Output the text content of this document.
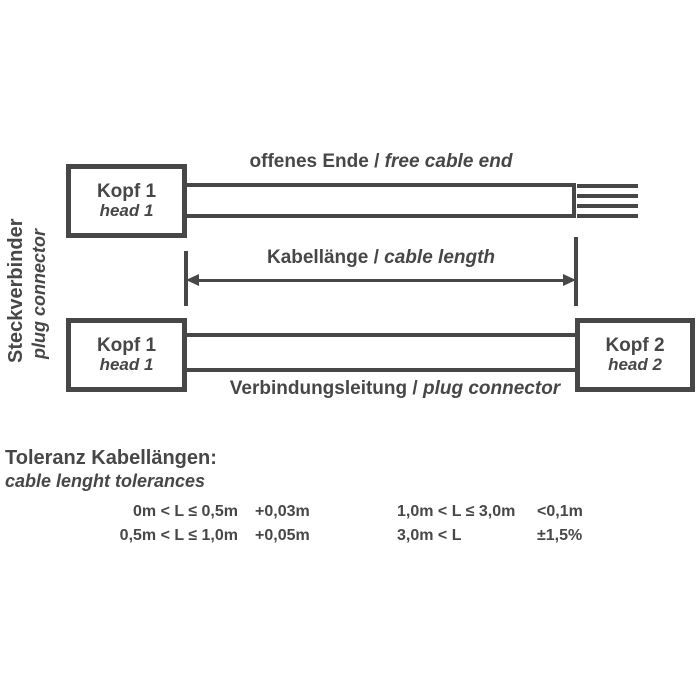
Steckverbinder plug connector
offenes Ende / free cable end
Kopf 1
head 1
Kabellänge / cable length
Kopf 1
head 1
Kopf 2
head 2
Verbindungsleitung / plug connector
Toleranz Kabellängen:
cable lenght tolerances
0m < L ≤ 0,5m +0,03m
0,5m < L ≤ 1,0m +0,05m
1,0m < L ≤ 3,0m <0,1m
3,0m < L	±1,5%
